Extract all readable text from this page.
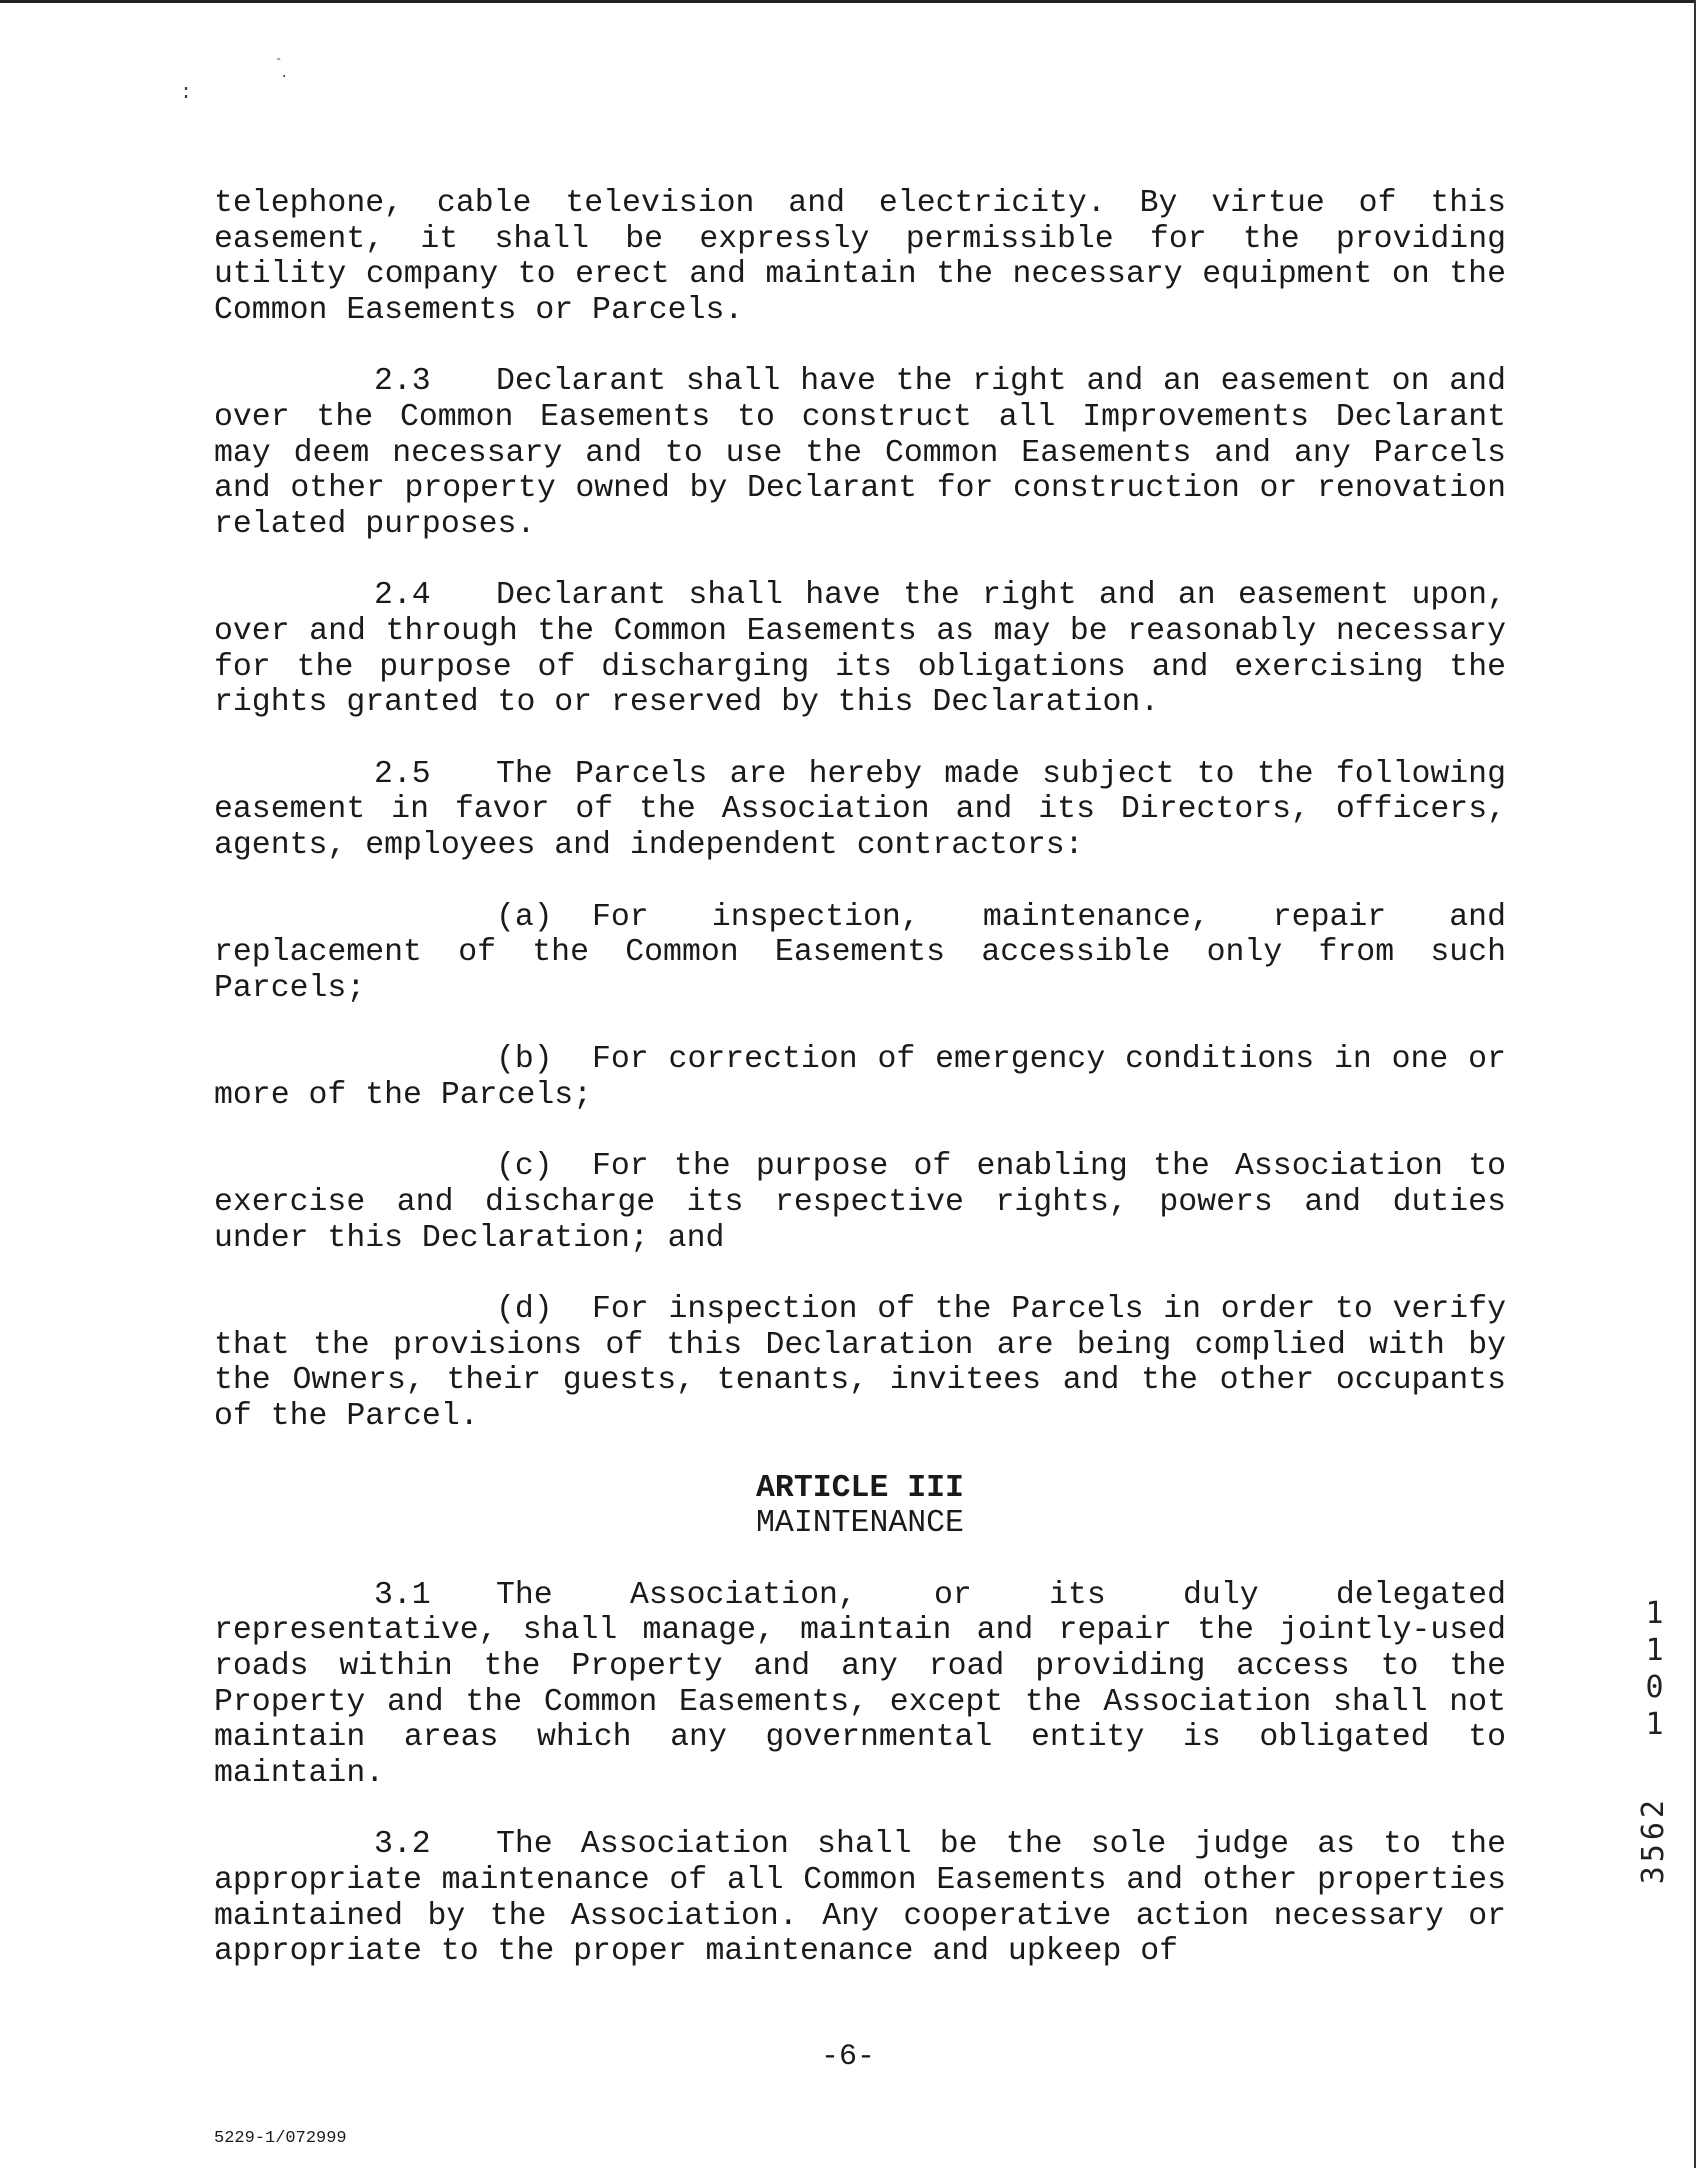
:
-
.

telephone, cable television and electricity. By virtue of this easement, it shall be expressly permissible for the providing utility company to erect and maintain the necessary equipment on the Common Easements or Parcels.

2.3 Declarant shall have the right and an easement on and over the Common Easements to construct all Improvements Declarant may deem necessary and to use the Common Easements and any Parcels and other property owned by Declarant for construction or renovation related purposes.

2.4 Declarant shall have the right and an easement upon, over and through the Common Easements as may be reasonably necessary for the purpose of discharging its obligations and exercising the rights granted to or reserved by this Declaration.

2.5 The Parcels are hereby made subject to the following easement in favor of the Association and its Directors, officers, agents, employees and independent contractors:

(a) For inspection, maintenance, repair and replacement of the Common Easements accessible only from such Parcels;

(b) For correction of emergency conditions in one or more of the Parcels;

(c) For the purpose of enabling the Association to exercise and discharge its respective rights, powers and duties under this Declaration; and

(d) For inspection of the Parcels in order to verify that the provisions of this Declaration are being complied with by the Owners, their guests, tenants, invitees and the other occupants of the Parcel.

ARTICLE III
MAINTENANCE

3.1 The Association, or its duly delegated representative, shall manage, maintain and repair the jointly-used roads within the Property and any road providing access to the Property and the Common Easements, except the Association shall not maintain areas which any governmental entity is obligated to maintain.

3.2 The Association shall be the sole judge as to the appropriate maintenance of all Common Easements and other properties maintained by the Association. Any cooperative action necessary or appropriate to the proper maintenance and upkeep of

1101
3562
-6-
5229-1/072999
